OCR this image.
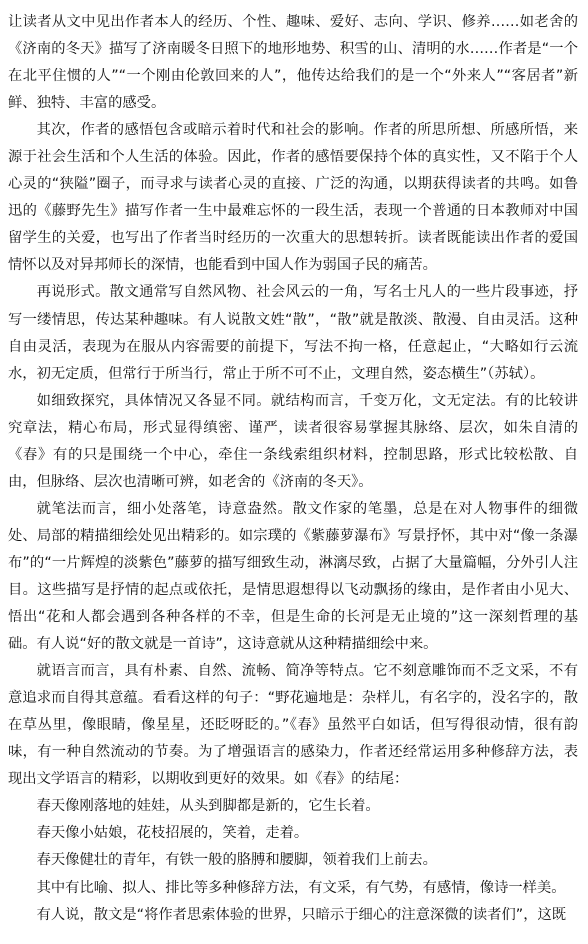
让读者从文中见出作者本人的经历、个性、趣味、爱好、志向、学识、修养……如老舍的《济南的冬天》描写了济南暖冬日照下的地形地势、积雪的山、清明的水……作者是“一个在北平住惯的人”“一个刚由伦敦回来的人”，他传达给我们的是一个“外来人”“客居者”新鲜、独特、丰富的感受。

其次，作者的感悟包含或暗示着时代和社会的影响。作者的所思所想、所感所悟，来源于社会生活和个人生活的体验。因此，作者的感悟要保持个体的真实性，又不陷于个人心灵的“狭隘”圈子，而寻求与读者心灵的直接、广泛的沟通，以期获得读者的共鸣。如鲁迅的《藤野先生》描写作者一生中最难忘怀的一段生活，表现一个普通的日本教师对中国留学生的关爱，也写出了作者当时经历的一次重大的思想转折。读者既能读出作者的爱国情怀以及对异邦师长的深情，也能看到中国人作为弱国子民的痛苦。

再说形式。散文通常写自然风物、社会风云的一角，写名士凡人的一些片段事迹，抒写一缕情思，传达某种趣味。有人说散文姓“散”，“散”就是散淡、散漫、自由灵活。这种自由灵活，表现为在服从内容需要的前提下，写法不拘一格，任意起止，“大略如行云流水，初无定质，但常行于所当行，常止于所不可不止，文理自然，姿态横生”（苏轼）。

如细致探究，具体情况又各显不同。就结构而言，千变万化，文无定法。有的比较讲究章法，精心布局，形式显得缜密、谨严，读者很容易掌握其脉络、层次，如朱自清的《春》有的只是围绕一个中心，牵住一条线索组织材料，控制思路，形式比较松散、自由，但脉络、层次也清晰可辨，如老舍的《济南的冬天》。

就笔法而言，细小处落笔，诗意盎然。散文作家的笔墨，总是在对人物事件的细微处、局部的精描细绘处见出精彩的。如宗璞的《紫藤萝瀑布》写景抒怀，其中对“像一条瀑布”的“一片辉煌的淡紫色”藤萝的描写细致生动，淋漓尽致，占据了大量篇幅，分外引人注目。这些描写是抒情的起点或依托，是情思遐想得以飞动飘扬的缘由，是作者由小见大、悟出“花和人都会遇到各种各样的不幸，但是生命的长河是无止境的”这一深刻哲理的基础。有人说“好的散文就是一首诗”，这诗意就从这种精描细绘中来。

就语言而言，具有朴素、自然、流畅、简净等特点。它不刻意雕饰而不乏文采，不有意追求而自得其意蕴。看看这样的句子：“野花遍地是：杂样儿，有名字的，没名字的，散在草丛里，像眼睛，像星星，还眨呀眨的。”《春》虽然平白如话，但写得很动情，很有韵味，有一种自然流动的节奏。为了增强语言的感染力，作者还经常运用多种修辞方法，表现出文学语言的精彩，以期收到更好的效果。如《春》的结尾：

春天像刚落地的娃娃，从头到脚都是新的，它生长着。

春天像小姑娘，花枝招展的，笑着，走着。

春天像健壮的青年，有铁一般的胳膊和腰脚，领着我们上前去。

其中有比喻、拟人、排比等多种修辞方法，有文采，有气势，有感情，像诗一样美。

有人说，散文是“将作者思索体验的世界，只暗示于细心的注意深微的读者们”，这既
